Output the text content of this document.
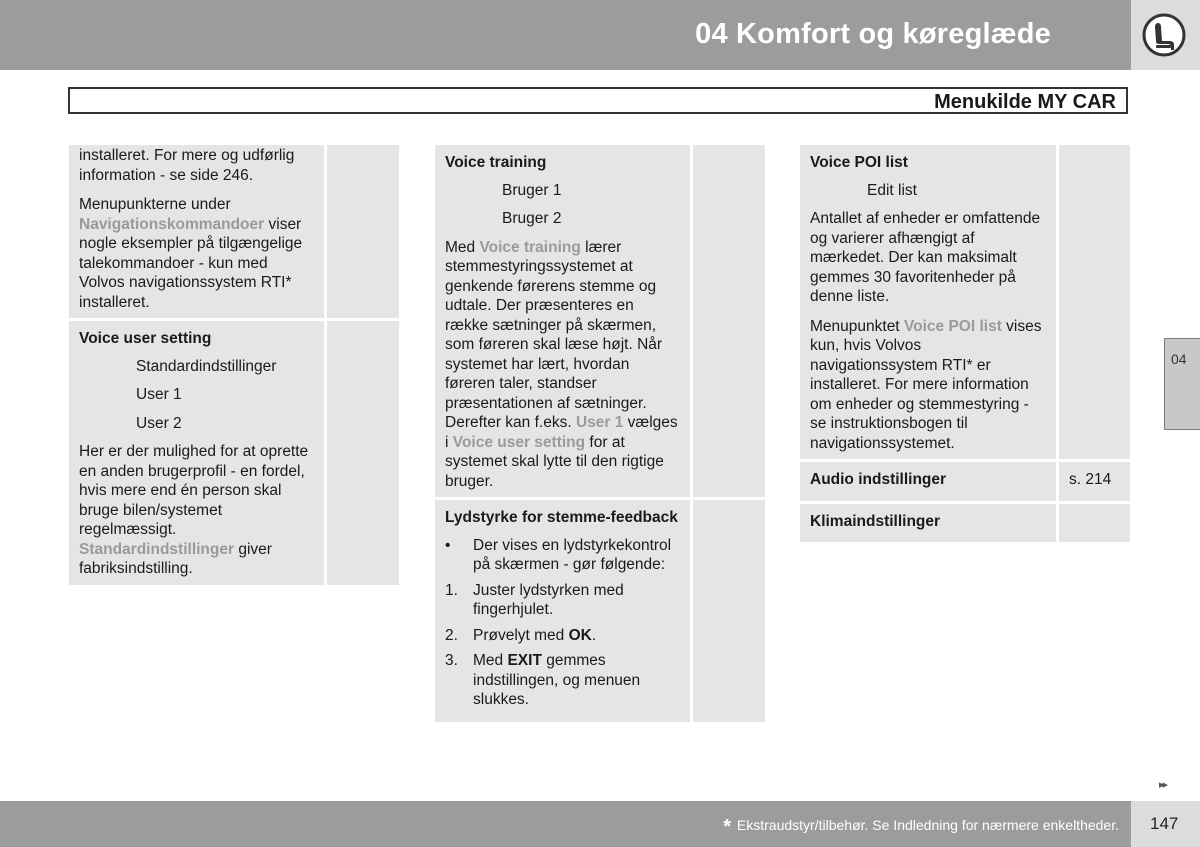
04 Komfort og køreglæde
Menukilde MY CAR

installeret. For mere og udførlig information - se side 246.

Menupunkterne under Navigationskommandoer viser nogle eksempler på tilgængelige talekommandoer - kun med Volvos navigationssystem RTI* installeret.

Voice user setting

Standardindstillinger

User 1

User 2

Her er der mulighed for at oprette en anden brugerprofil - en fordel, hvis mere end én person skal bruge bilen/systemet regelmæssigt. Standardindstillinger giver fabriksindstilling.

Voice training

Bruger 1

Bruger 2

Med Voice training lærer stemmestyringssystemet at genkende førerens stemme og udtale. Der præsenteres en række sætninger på skærmen, som føreren skal læse højt. Når systemet har lært, hvordan føreren taler, standser præsentationen af sætninger. Derefter kan f.eks. User 1 vælges i Voice user setting for at systemet skal lytte til den rigtige bruger.

Lydstyrke for stemme-feedback

•	Der vises en lydstyrkekontrol på skærmen - gør følgende:
1. Juster lydstyrken med fingerhjulet.
2. Prøvelyt med OK.
3. Med EXIT gemmes indstillingen, og menuen slukkes.

Voice POI list

Edit list

Antallet af enheder er omfattende og varierer afhængigt af mærkedet. Der kan maksimalt gemmes 30 favoritenheder på denne liste.

Menupunktet Voice POI list vises kun, hvis Volvos navigationssystem RTI* er installeret. For mere information om enheder og stemmestyring - se instruktionsbogen til navigationssystemet.

Audio indstillinger	s. 214

Klimaindstillinger

04
▸▸
* Ekstraudstyr/tilbehør. Se Indledning for nærmere enkeltheder. 147
